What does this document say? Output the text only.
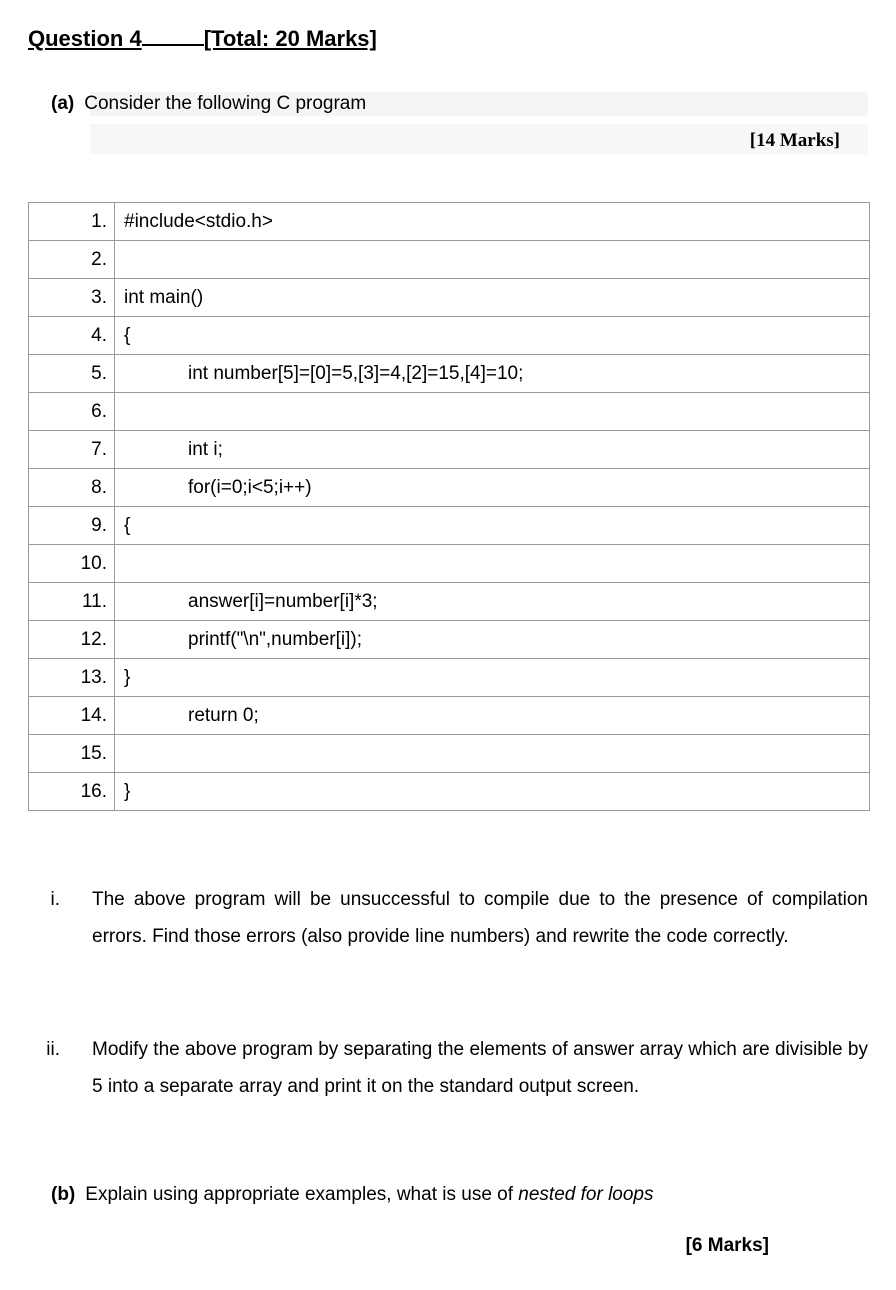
Question 4	[Total: 20 Marks]
(a) Consider the following C program
[14 Marks]
1.	#include<stdio.h>
2.	
3.	int main()
4.	{
5.	int number[5]=[0]=5,[3]=4,[2]=15,[4]=10;
6.	
7.	int i;
8.	for(i=0;i<5;i++)
9.	{
10.	
11.	answer[i]=number[i]*3;
12.	printf("\n",number[i]);
13.	}
14.	return 0;
15.	
16.	}
i. The above program will be unsuccessful to compile due to the presence of compilation errors. Find those errors (also provide line numbers) and rewrite the code correctly.
ii. Modify the above program by separating the elements of answer array which are divisible by 5 into a separate array and print it on the standard output screen.
(b) Explain using appropriate examples, what is use of nested for loops
[6 Marks]
